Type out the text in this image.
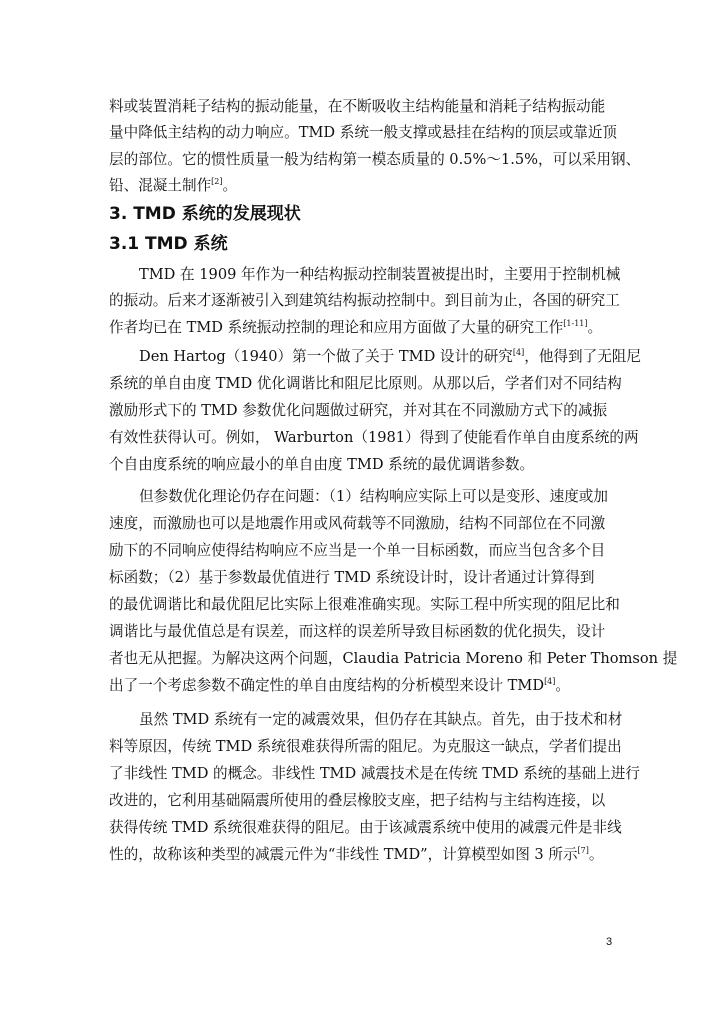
料或装置消耗子结构的振动能量，在不断吸收主结构能量和消耗子结构振动能
量中降低主结构的动力响应。TMD 系统一般支撑或悬挂在结构的顶层或靠近顶
层的部位。它的惯性质量一般为结构第一模态质量的 0.5%～1.5%，可以采用钢、
铅、混凝土制作[2]。
3. TMD 系统的发展现状
3.1 TMD 系统
TMD 在 1909 年作为一种结构振动控制装置被提出时，主要用于控制机械
的振动。后来才逐渐被引入到建筑结构振动控制中。到目前为止，各国的研究工
作者均已在 TMD 系统振动控制的理论和应用方面做了大量的研究工作[1-11]。
Den Hartog（1940）第一个做了关于 TMD 设计的研究[4]，他得到了无阻尼
系统的单自由度 TMD 优化调谐比和阻尼比原则。从那以后，学者们对不同结构
激励形式下的 TMD 参数优化问题做过研究，并对其在不同激励方式下的减振
有效性获得认可。例如， Warburton（1981）得到了使能看作单自由度系统的两
个自由度系统的响应最小的单自由度 TMD 系统的最优调谐参数。
但参数优化理论仍存在问题：（1）结构响应实际上可以是变形、速度或加
速度，而激励也可以是地震作用或风荷载等不同激励，结构不同部位在不同激
励下的不同响应使得结构响应不应当是一个单一目标函数，而应当包含多个目
标函数；（2）基于参数最优值进行 TMD 系统设计时，设计者通过计算得到
的最优调谐比和最优阻尼比实际上很难准确实现。实际工程中所实现的阻尼比和
调谐比与最优值总是有误差，而这样的误差所导致目标函数的优化损失，设计
者也无从把握。为解决这两个问题，Claudia Patricia Moreno 和 Peter Thomson 提
出了一个考虑参数不确定性的单自由度结构的分析模型来设计 TMD[4]。
虽然 TMD 系统有一定的减震效果，但仍存在其缺点。首先，由于技术和材
料等原因，传统 TMD 系统很难获得所需的阻尼。为克服这一缺点，学者们提出
了非线性 TMD 的概念。非线性 TMD 减震技术是在传统 TMD 系统的基础上进行
改进的，它利用基础隔震所使用的叠层橡胶支座，把子结构与主结构连接，以
获得传统 TMD 系统很难获得的阻尼。由于该减震系统中使用的减震元件是非线
性的，故称该种类型的减震元件为“非线性 TMD”，计算模型如图 3 所示[7]。
3
